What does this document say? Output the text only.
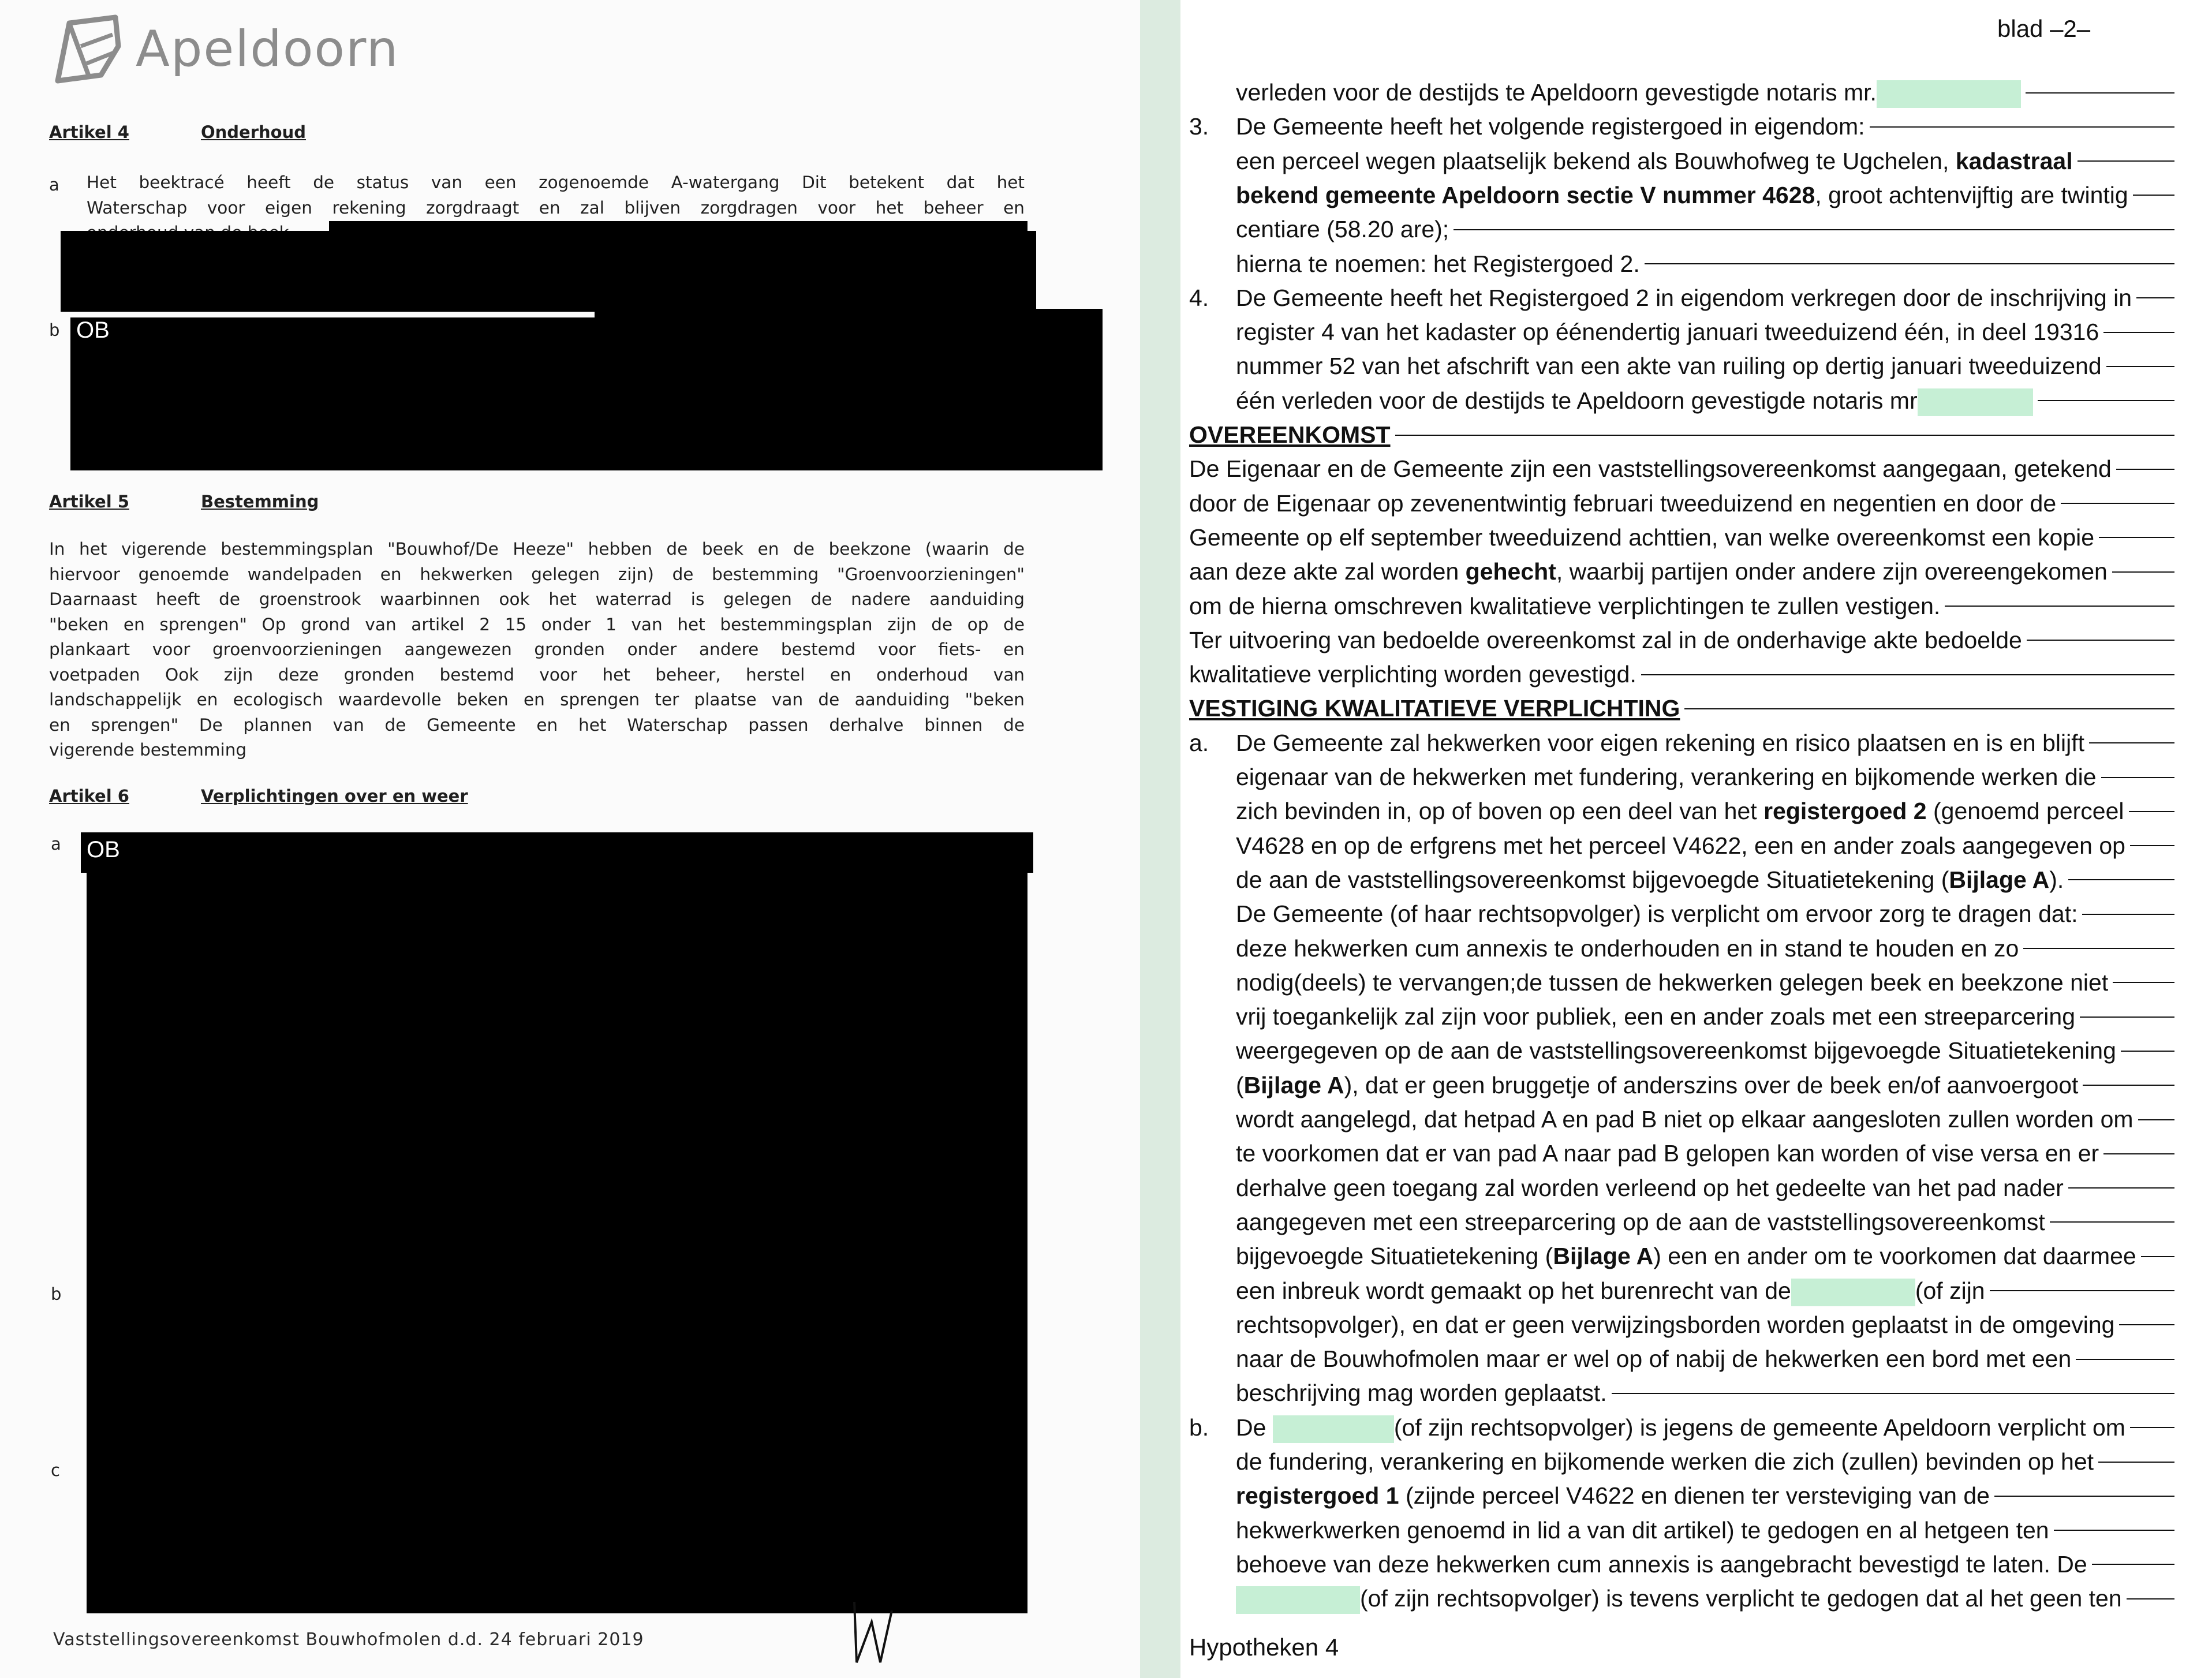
Apeldoorn
Artikel 4	Onderhoud
a Het beektracé heeft de status van een zogenoemde A-watergang Dit betekent dat het
Waterschap voor eigen rekening zorgdraagt en zal blijven zorgdragen voor het beheer en
b OB
Artikel 5	Bestemming
In het vigerende bestemmingsplan "Bouwhof/De Heeze" hebben de beek en de beekzone (waarin de
hiervoor genoemde wandelpaden en hekwerken gelegen zijn) de bestemming "Groenvoorzieningen"
Daarnaast heeft de groenstrook waarbinnen ook het waterrad is gelegen de nadere aanduiding
"beken en sprengen" Op grond van artikel 2 15 onder 1 van het bestemmingsplan zijn de op de
plankaart voor groenvoorzieningen aangewezen gronden onder andere bestemd voor fiets- en
voetpaden Ook zijn deze gronden bestemd voor het beheer, herstel en onderhoud van
landschappelijk en ecologisch waardevolle beken en sprengen ter plaatse van de aanduiding "beken
en sprengen" De plannen van de Gemeente en het Waterschap passen derhalve binnen de
vigerende bestemming
Artikel 6	Verplichtingen over en weer
a
b
c
OB
Vaststellingsovereenkomst Bouwhofmolen d.d. 24 februari 2019
blad –2–
verleden voor de destijds te Apeldoorn gevestigde notaris mr.
3. De Gemeente heeft het volgende registergoed in eigendom:
een perceel wegen plaatselijk bekend als Bouwhofweg te Ugchelen, kadastraal
bekend gemeente Apeldoorn sectie V nummer 4628, groot achtenvijftig are twintig
centiare (58.20 are);
hierna te noemen: het Registergoed 2.
4. De Gemeente heeft het Registergoed 2 in eigendom verkregen door de inschrijving in
register 4 van het kadaster op éénendertig januari tweeduizend één, in deel 19316
nummer 52 van het afschrift van een akte van ruiling op dertig januari tweeduizend
één verleden voor de destijds te Apeldoorn gevestigde notaris mr
OVEREENKOMST
De Eigenaar en de Gemeente zijn een vaststellingsovereenkomst aangegaan, getekend
door de Eigenaar op zevenentwintig februari tweeduizend en negentien en door de
Gemeente op elf september tweeduizend achttien, van welke overeenkomst een kopie
aan deze akte zal worden gehecht, waarbij partijen onder andere zijn overeengekomen
om de hierna omschreven kwalitatieve verplichtingen te zullen vestigen.
Ter uitvoering van bedoelde overeenkomst zal in de onderhavige akte bedoelde
kwalitatieve verplichting worden gevestigd.
VESTIGING KWALITATIEVE VERPLICHTING
a. De Gemeente zal hekwerken voor eigen rekening en risico plaatsen en is en blijft
eigenaar van de hekwerken met fundering, verankering en bijkomende werken die
zich bevinden in, op of boven op een deel van het registergoed 2 (genoemd perceel
V4628 en op de erfgrens met het perceel V4622, een en ander zoals aangegeven op
de aan de vaststellingsovereenkomst bijgevoegde Situatietekening (Bijlage A).
De Gemeente (of haar rechtsopvolger) is verplicht om ervoor zorg te dragen dat:
deze hekwerken cum annexis te onderhouden en in stand te houden en zo
nodig(deels) te vervangen;de tussen de hekwerken gelegen beek en beekzone niet
vrij toegankelijk zal zijn voor publiek, een en ander zoals met een streeparcering
weergegeven op de aan de vaststellingsovereenkomst bijgevoegde Situatietekening
(Bijlage A), dat er geen bruggetje of anderszins over de beek en/of aanvoergoot
wordt aangelegd, dat hetpad A en pad B niet op elkaar aangesloten zullen worden om
te voorkomen dat er van pad A naar pad B gelopen kan worden of vise versa en er
derhalve geen toegang zal worden verleend op het gedeelte van het pad nader
aangegeven met een streeparcering op de aan de vaststellingsovereenkomst
bijgevoegde Situatietekening (Bijlage A) een en ander om te voorkomen dat daarmee
een inbreuk wordt gemaakt op het burenrecht van de	(of zijn
rechtsopvolger), en dat er geen verwijzingsborden worden geplaatst in de omgeving
naar de Bouwhofmolen maar er wel op of nabij de hekwerken een bord met een
beschrijving mag worden geplaatst.
b. De	(of zijn rechtsopvolger) is jegens de gemeente Apeldoorn verplicht om
de fundering, verankering en bijkomende werken die zich (zullen) bevinden op het
registergoed 1 (zijnde perceel V4622 en dienen ter versteviging van de
hekwerkwerken genoemd in lid a van dit artikel) te gedogen en al hetgeen ten
behoeve van deze hekwerken cum annexis is aangebracht bevestigd te laten. De
(of zijn rechtsopvolger) is tevens verplicht te gedogen dat al het geen ten
Hypotheken 4
